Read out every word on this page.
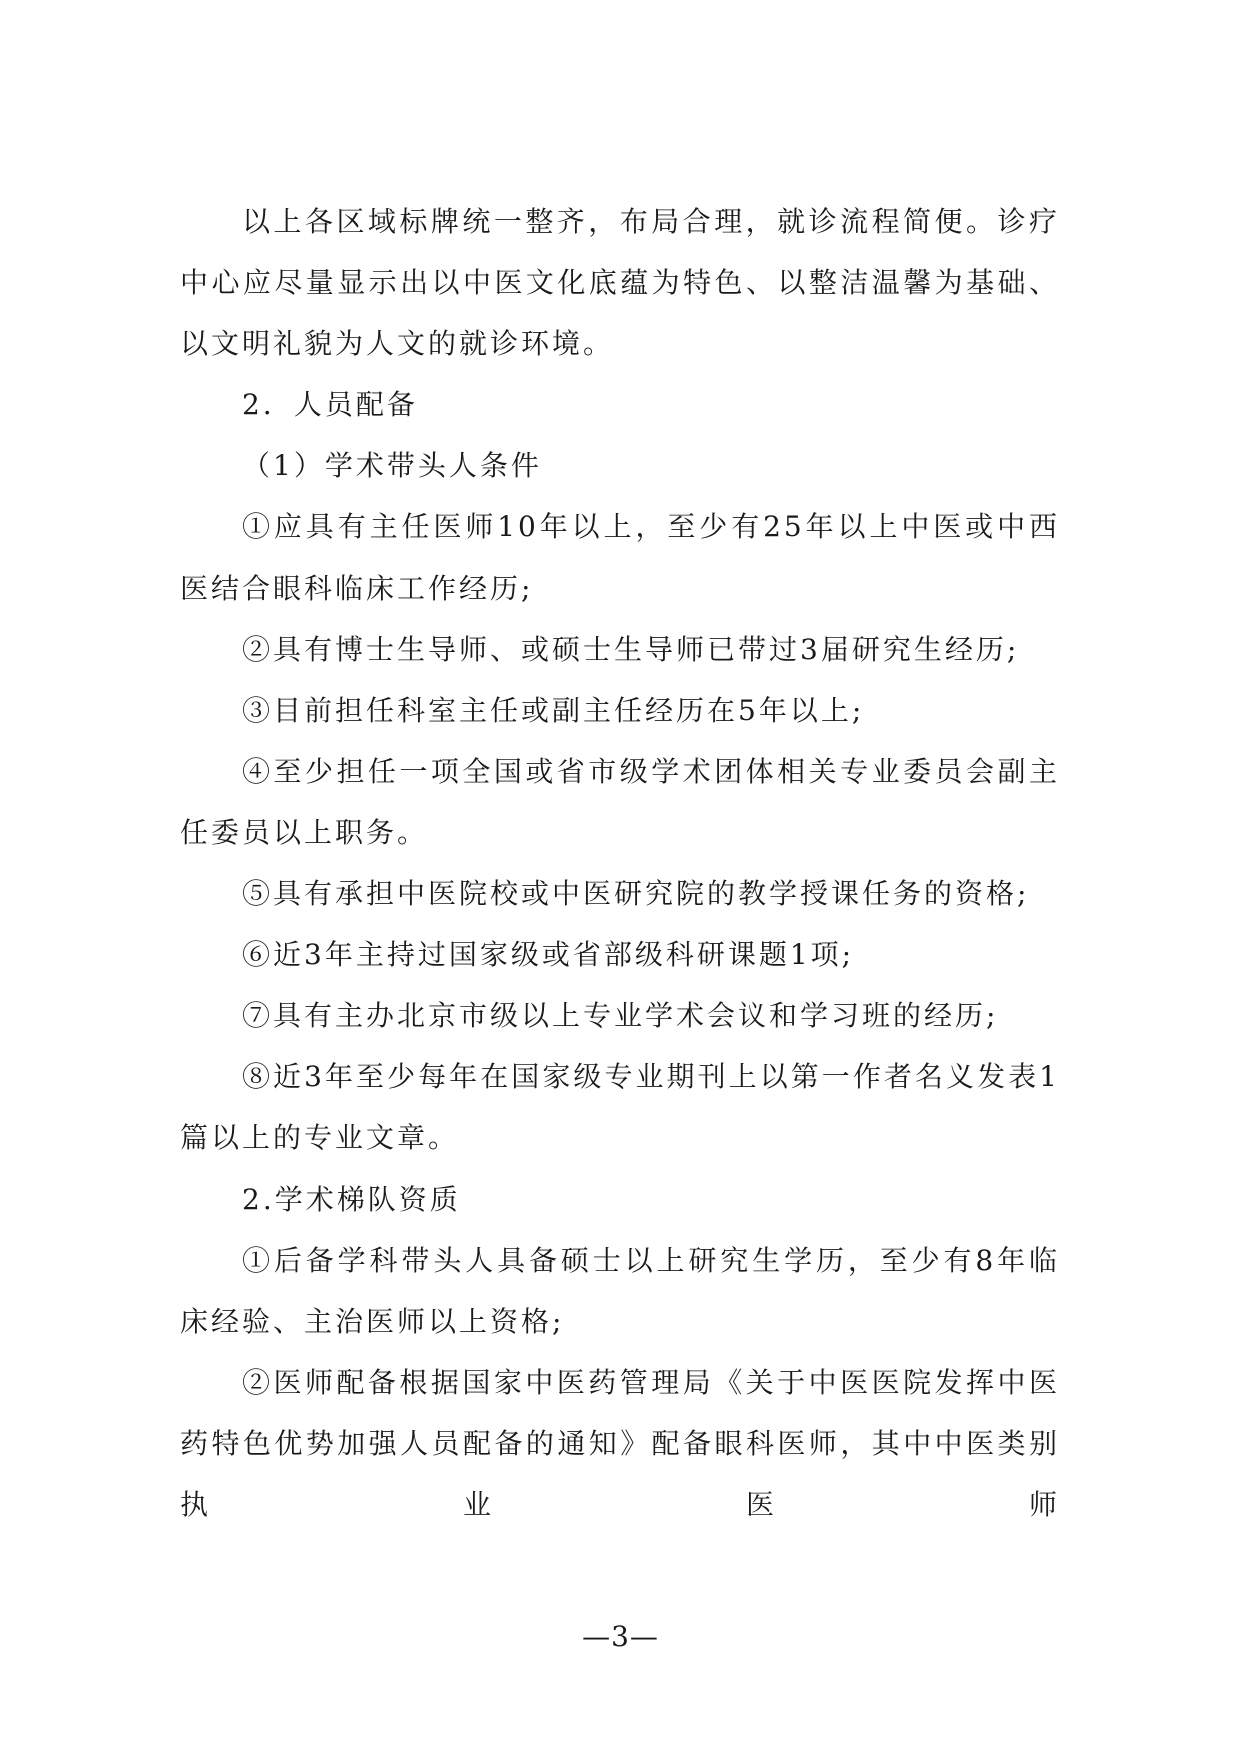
以上各区域标牌统一整齐，布局合理，就诊流程简便。诊疗中心应尽量显示出以中医文化底蕴为特色、以整洁温馨为基础、以文明礼貌为人文的就诊环境。

2．人员配备

（1）学术带头人条件

①应具有主任医师10年以上，至少有25年以上中医或中西医结合眼科临床工作经历;

②具有博士生导师、或硕士生导师已带过3届研究生经历;

③目前担任科室主任或副主任经历在5年以上;

④至少担任一项全国或省市级学术团体相关专业委员会副主任委员以上职务。

⑤具有承担中医院校或中医研究院的教学授课任务的资格;

⑥近3年主持过国家级或省部级科研课题1项;

⑦具有主办北京市级以上专业学术会议和学习班的经历;

⑧近3年至少每年在国家级专业期刊上以第一作者名义发表1篇以上的专业文章。

2.学术梯队资质

①后备学科带头人具备硕士以上研究生学历，至少有8年临床经验、主治医师以上资格;

②医师配备根据国家中医药管理局《关于中医医院发挥中医药特色优势加强人员配备的通知》配备眼科医师，其中中医类别执业医师

—3—
